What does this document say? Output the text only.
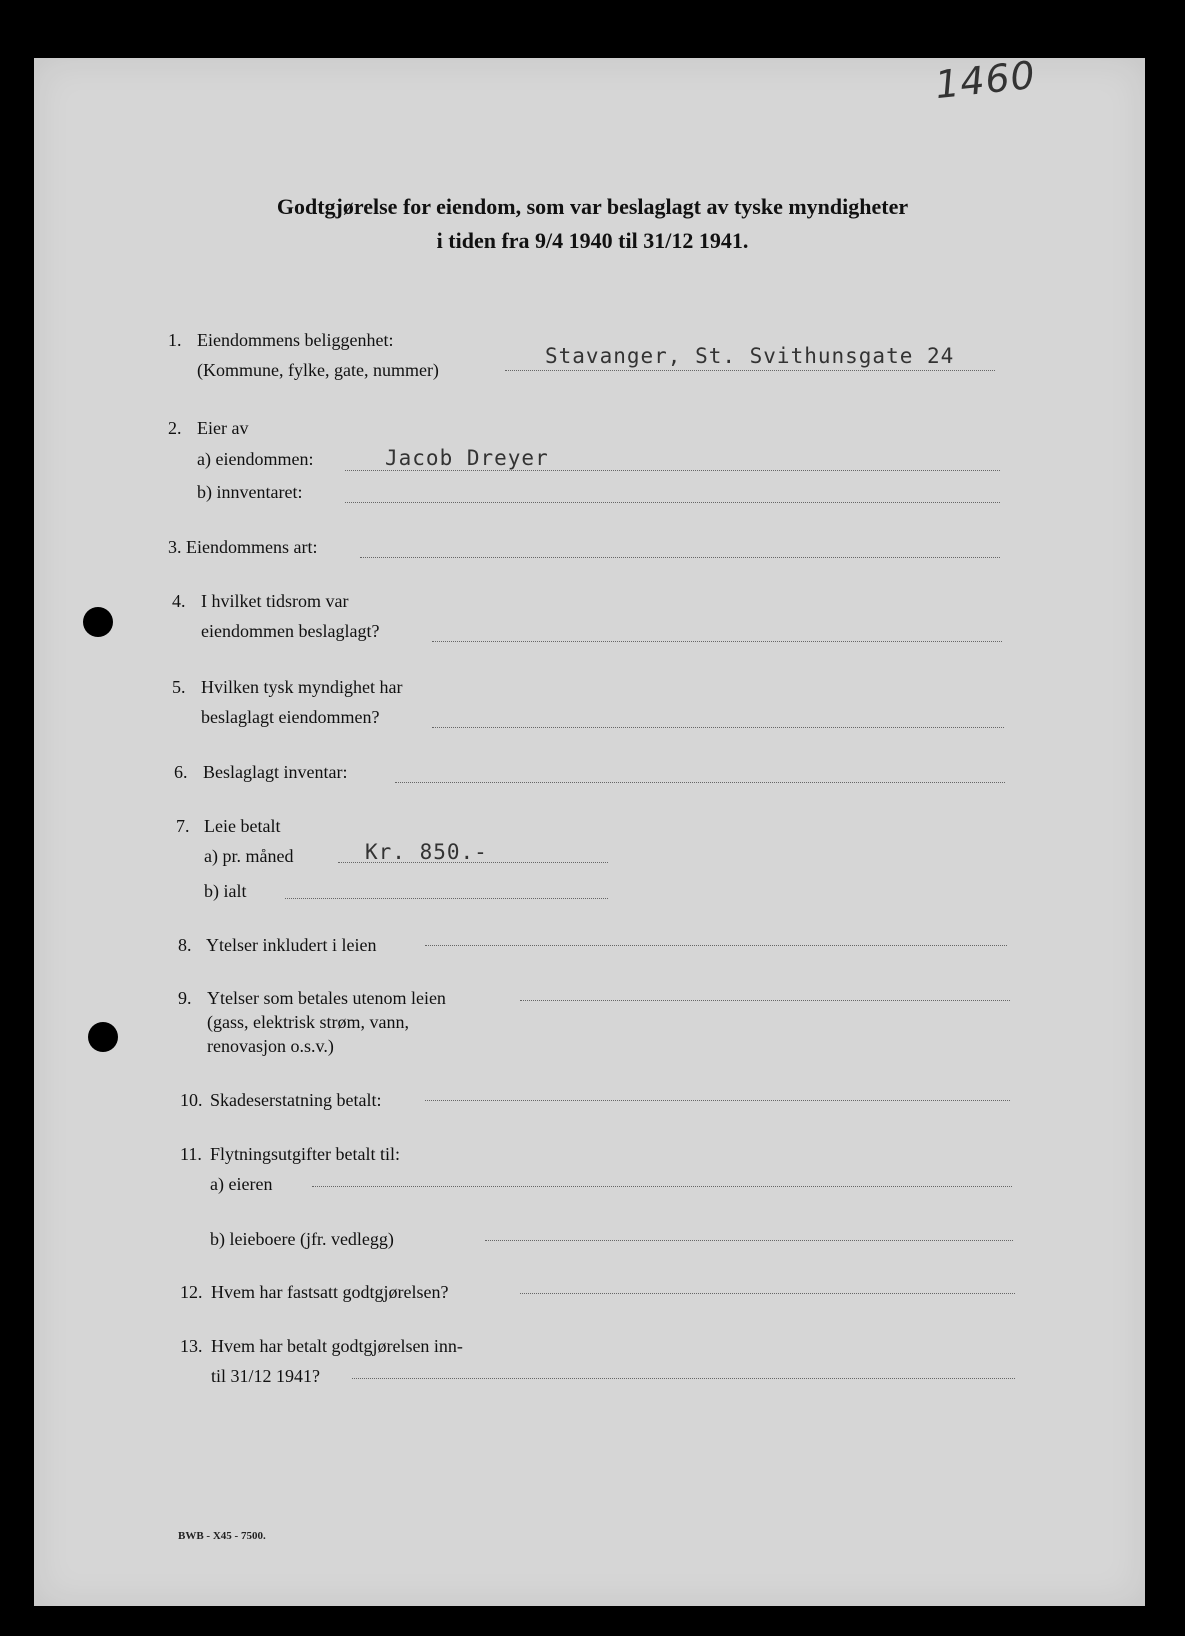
1460
Godtgjørelse for eiendom, som var beslaglagt av tyske myndigheter
i tiden fra 9/4 1940 til 31/12 1941.
1. Eiendommens beliggenhet:
(Kommune, fylke, gate, nummer)
Stavanger, St. Svithunsgate 24
2. Eier av
a) eiendommen:	Jacob Dreyer
b) innventaret:
3. Eiendommens art:
4. I hvilket tidsrom var
eiendommen beslaglagt?
5. Hvilken tysk myndighet har
beslaglagt eiendommen?
6. Beslaglagt inventar:
7. Leie betalt
a) pr. måned	Kr. 850.-
b) ialt
8. Ytelser inkludert i leien
9. Ytelser som betales utenom leien
(gass, elektrisk strøm, vann,
renovasjon o.s.v.)
10. Skadeserstatning betalt:
11. Flytningsutgifter betalt til:
a) eieren
b) leieboere (jfr. vedlegg)
12. Hvem har fastsatt godtgjørelsen?
13. Hvem har betalt godtgjørelsen inn-
til 31/12 1941?
BWB - X45 - 7500.
